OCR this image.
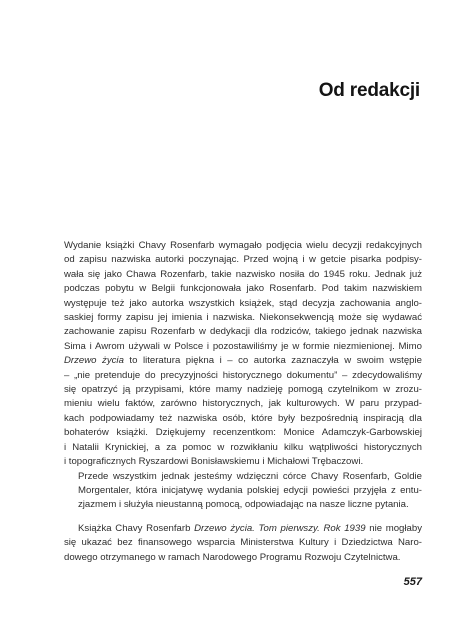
Od redakcji

Wydanie książki Chavy Rosenfarb wymagało podjęcia wielu decyzji redakcyjnych
od zapisu nazwiska autorki poczynając. Przed wojną i w getcie pisarka podpisy-
wała się jako Chawa Rozenfarb, takie nazwisko nosiła do 1945 roku. Jednak już
podczas pobytu w Belgii funkcjonowała jako Rosenfarb. Pod takim nazwiskiem
występuje też jako autorka wszystkich książek, stąd decyzja zachowania anglo-
saskiej formy zapisu jej imienia i nazwiska. Niekonsekwencją może się wydawać
zachowanie zapisu Rozenfarb w dedykacji dla rodziców, takiego jednak nazwiska
Sima i Awrom używali w Polsce i pozostawiliśmy je w formie niezmienionej. Mimo
Drzewo życia to literatura piękna i – co autorka zaznaczyła w swoim wstępie
– „nie pretenduje do precyzyjności historycznego dokumentu” – zdecydowaliśmy
się opatrzyć ją przypisami, które mamy nadzieję pomogą czytelnikom w zrozu-
mieniu wielu faktów, zarówno historycznych, jak kulturowych. W paru przypad-
kach podpowiadamy też nazwiska osób, które były bezpośrednią inspiracją dla
bohaterów książki. Dziękujemy recenzentkom: Monice Adamczyk-Garbowskiej
i Natalii Krynickiej, a za pomoc w rozwikłaniu kilku wątpliwości historycznych
i topograficznych Ryszardowi Bonisławskiemu i Michałowi Trębaczowi.

Przede wszystkim jednak jesteśmy wdzięczni córce Chavy Rosenfarb, Goldie
Morgentaler, która inicjatywę wydania polskiej edycji powieści przyjęła z entu-
zjazmem i służyła nieustanną pomocą, odpowiadając na nasze liczne pytania.

Książka Chavy Rosenfarb Drzewo życia. Tom pierwszy. Rok 1939 nie mogłaby
się ukazać bez finansowego wsparcia Ministerstwa Kultury i Dziedzictwa Naro-
dowego otrzymanego w ramach Narodowego Programu Rozwoju Czytelnictwa.

557
